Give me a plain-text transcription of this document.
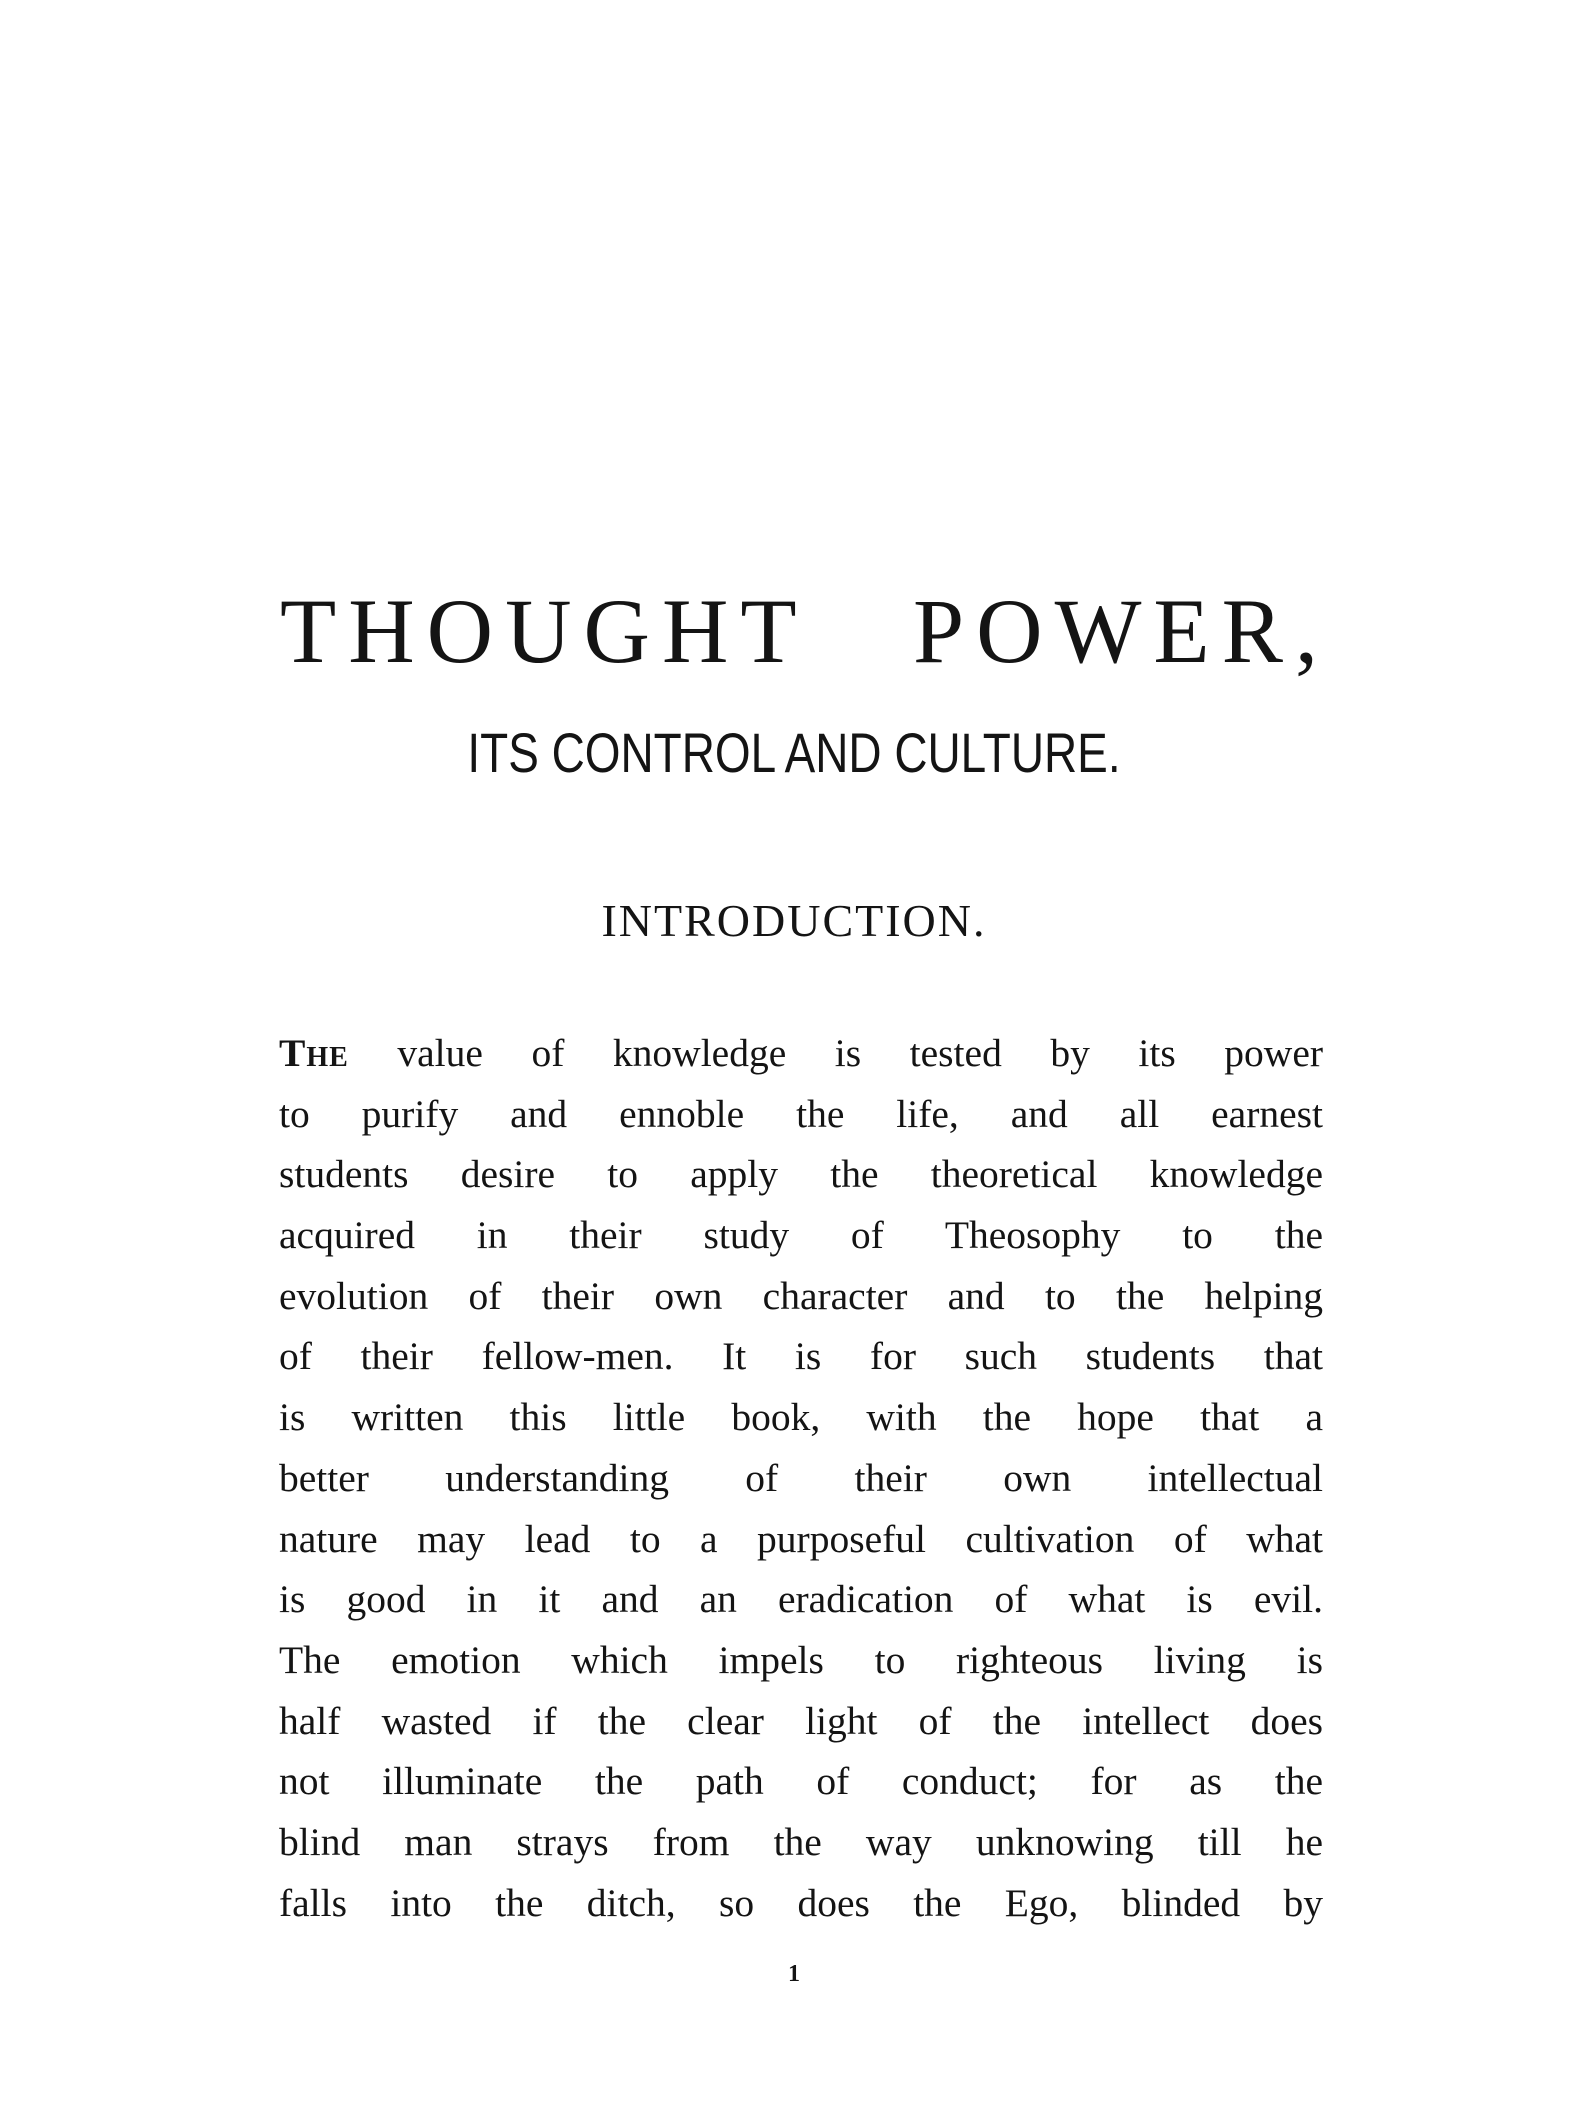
THOUGHT POWER,
ITS CONTROL AND CULTURE.
INTRODUCTION.
The value of knowledge is tested by its power
to purify and ennoble the life, and all earnest
students desire to apply the theoretical knowledge
acquired in their study of Theosophy to the
evolution of their own character and to the helping
of their fellow-men. It is for such students that
is written this little book, with the hope that a
better understanding of their own intellectual
nature may lead to a purposeful cultivation of what
is good in it and an eradication of what is evil.
The emotion which impels to righteous living is
half wasted if the clear light of the intellect does
not illuminate the path of conduct; for as the
blind man strays from the way unknowing till he
falls into the ditch, so does the Ego, blinded by
1
